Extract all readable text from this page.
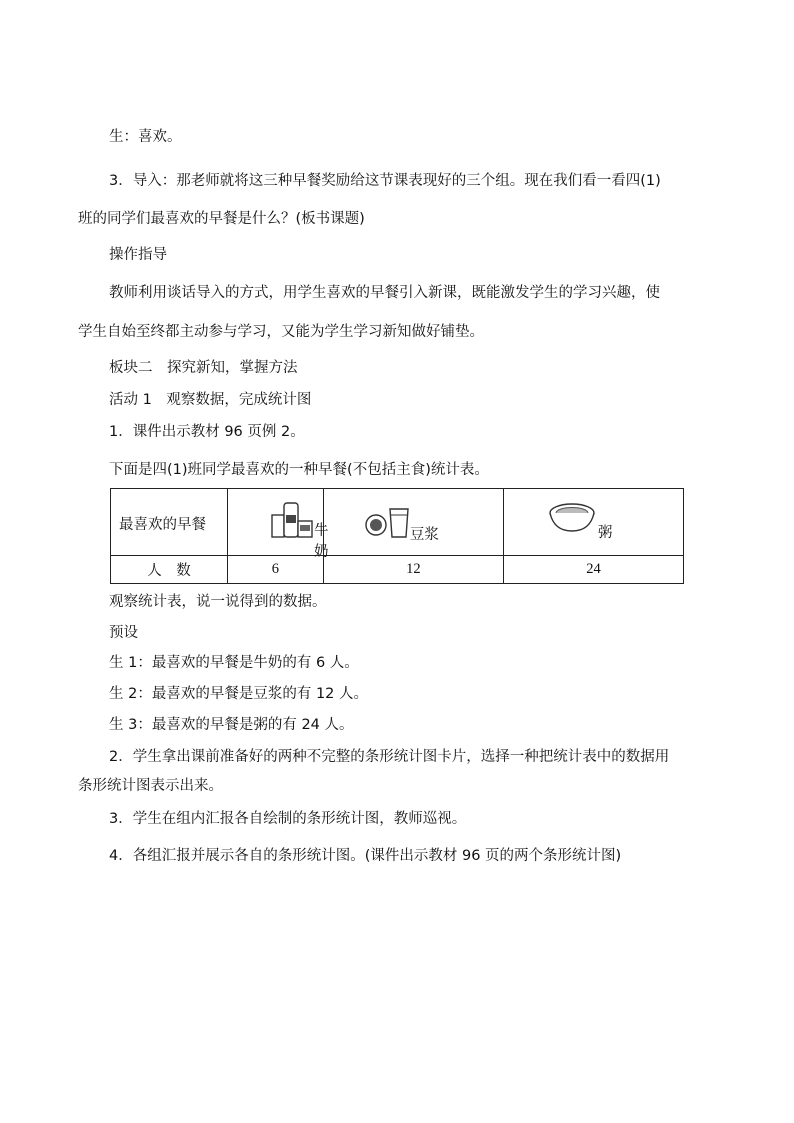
生：喜欢。
3．导入：那老师就将这三种早餐奖励给这节课表现好的三个组。现在我们看一看四(1)
班的同学们最喜欢的早餐是什么？(板书课题)
操作指导
教师利用谈话导入的方式，用学生喜欢的早餐引入新课，既能激发学生的学习兴趣，使
学生自始至终都主动参与学习，又能为学生学习新知做好铺垫。
板块二　探究新知，掌握方法
活动 1　观察数据，完成统计图
1．课件出示教材 96 页例 2。
下面是四(1)班同学最喜欢的一种早餐(不包括主食)统计表。
最喜欢的早餐	牛奶	豆浆	粥

人　数	6	12	24
观察统计表，说一说得到的数据。
预设
生 1：最喜欢的早餐是牛奶的有 6 人。
生 2：最喜欢的早餐是豆浆的有 12 人。
生 3：最喜欢的早餐是粥的有 24 人。
2．学生拿出课前准备好的两种不完整的条形统计图卡片，选择一种把统计表中的数据用
条形统计图表示出来。
3．学生在组内汇报各自绘制的条形统计图，教师巡视。
4．各组汇报并展示各自的条形统计图。(课件出示教材 96 页的两个条形统计图)
